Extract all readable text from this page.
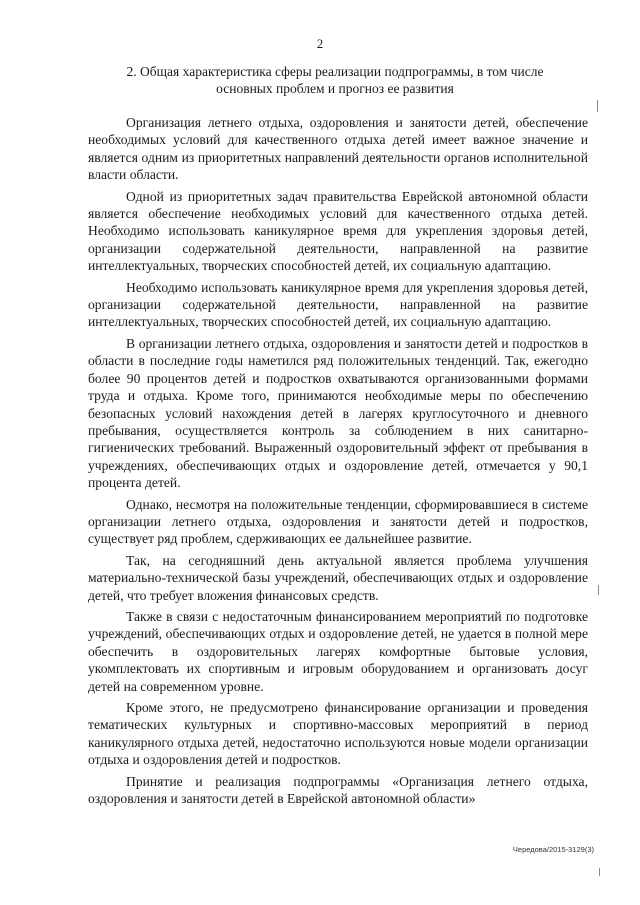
2
2. Общая характеристика сферы реализации подпрограммы, в том числе основных проблем и прогноз ее развития

Организация летнего отдыха, оздоровления и занятости детей, обеспечение необходимых условий для качественного отдыха детей имеет важное значение и является одним из приоритетных направлений деятельности органов исполнительной власти области.

Одной из приоритетных задач правительства Еврейской автономной области является обеспечение необходимых условий для качественного отдыха детей. Необходимо использовать каникулярное время для укрепления здоровья детей, организации содержательной деятельности, направленной на развитие интеллектуальных, творческих способностей детей, их социальную адаптацию.

Необходимо использовать каникулярное время для укрепления здоровья детей, организации содержательной деятельности, направленной на развитие интеллектуальных, творческих способностей детей, их социальную адаптацию.

В организации летнего отдыха, оздоровления и занятости детей и подростков в области в последние годы наметился ряд положительных тенденций. Так, ежегодно более 90 процентов детей и подростков охватываются организованными формами труда и отдыха. Кроме того, принимаются необходимые меры по обеспечению безопасных условий нахождения детей в лагерях круглосуточного и дневного пребывания, осуществляется контроль за соблюдением в них санитарно-гигиенических требований. Выраженный оздоровительный эффект от пребывания в учреждениях, обеспечивающих отдых и оздоровление детей, отмечается у 90,1 процента детей.

Однако, несмотря на положительные тенденции, сформировавшиеся в системе организации летнего отдыха, оздоровления и занятости детей и подростков, существует ряд проблем, сдерживающих ее дальнейшее развитие.

Так, на сегодняшний день актуальной является проблема улучшения материально-технической базы учреждений, обеспечивающих отдых и оздоровление детей, что требует вложения финансовых средств.

Также в связи с недостаточным финансированием мероприятий по подготовке учреждений, обеспечивающих отдых и оздоровление детей, не удается в полной мере обеспечить в оздоровительных лагерях комфортные бытовые условия, укомплектовать их спортивным и игровым оборудованием и организовать досуг детей на современном уровне.

Кроме этого, не предусмотрено финансирование организации и проведения тематических культурных и спортивно-массовых мероприятий в период каникулярного отдыха детей, недостаточно используются новые модели организации отдыха и оздоровления детей и подростков.

Принятие и реализация подпрограммы «Организация летнего отдыха, оздоровления и занятости детей в Еврейской автономной области»

Чередова/2015-3129(3)
